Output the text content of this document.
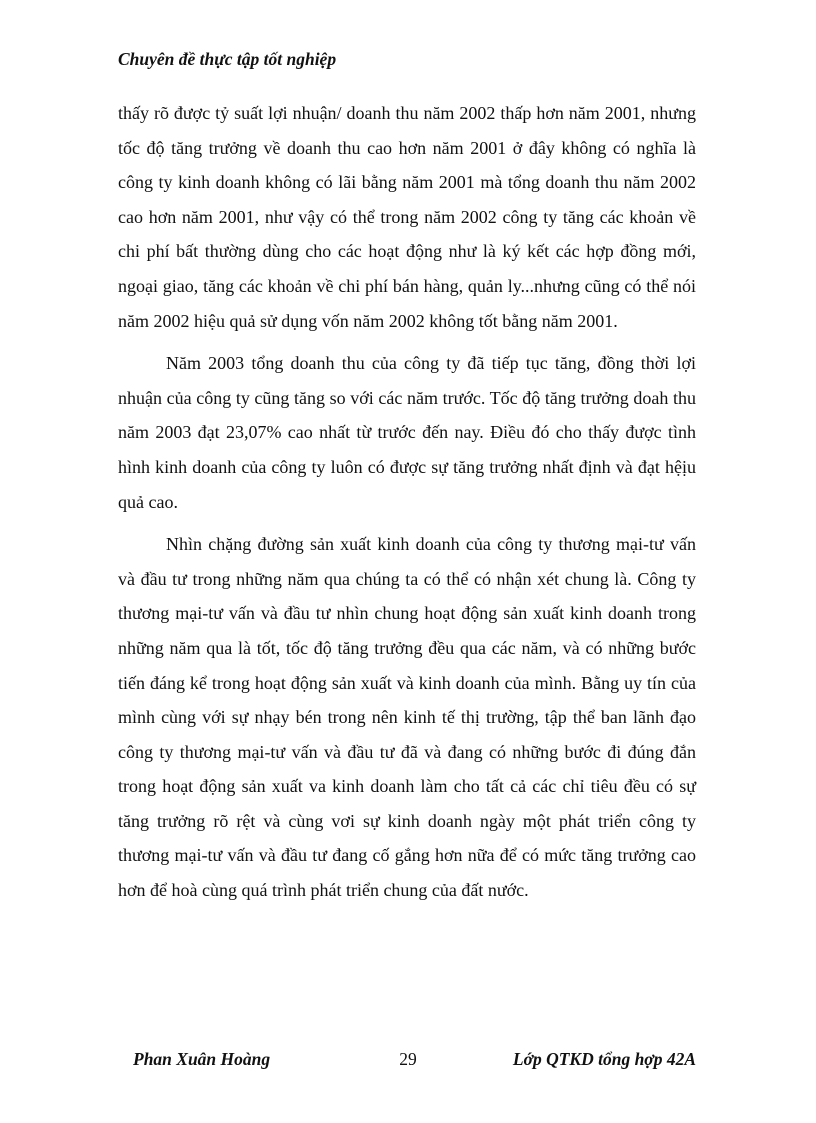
Chuyên đề thực tập tốt nghiệp

thấy rõ được tỷ suất lợi nhuận/ doanh thu năm 2002 thấp hơn năm 2001, nhưng tốc độ tăng trưởng về doanh thu cao hơn năm 2001 ở đây không có nghĩa là công ty kinh doanh không có lãi bằng năm 2001 mà tổng doanh thu năm 2002 cao hơn năm 2001, như vậy có thể trong năm 2002 công ty tăng các khoản về chi phí bất thường dùng cho các hoạt động như là ký kết các hợp đồng mới, ngoại giao, tăng các khoản về chi phí bán hàng, quản ly...nhưng cũng có thể nói năm 2002 hiệu quả sử dụng vốn năm 2002 không tốt bằng năm 2001.

Năm 2003 tổng doanh thu của công ty đã tiếp tục tăng, đồng thời lợi nhuận của công ty cũng tăng so với các năm trước. Tốc độ tăng trưởng doah thu năm 2003 đạt 23,07% cao nhất từ trước đến nay. Điều đó cho thấy được tình hình kinh doanh của công ty luôn có được sự tăng trưởng nhất định và đạt hệịu quả cao.

Nhìn chặng đường sản xuất kinh doanh của công ty thương mại-tư vấn và đầu tư trong những năm qua chúng ta có thể có nhận xét chung là. Công ty thương mại-tư vấn và đầu tư nhìn chung hoạt động sản xuất kinh doanh trong những năm qua là tốt, tốc độ tăng trưởng đều qua các năm, và có những bước tiến đáng kể trong hoạt động sản xuất và kinh doanh của mình. Bằng uy tín của mình cùng với sự nhạy bén trong nên kinh tế thị trường, tập thể ban lãnh đạo công ty thương mại-tư vấn và đầu tư đã và đang có những bước đi đúng đắn trong hoạt động sản xuất va kinh doanh làm cho tất cả các chỉ tiêu đều có sự tăng trưởng rõ rệt và cùng vơi sự kinh doanh ngày một phát triển công ty thương mại-tư vấn và đầu tư đang cố gắng hơn nữa để có mức tăng trưởng cao hơn để hoà cùng quá trình phát triển chung của đất nước.

Phan Xuân Hoàng	29	Lớp QTKD tổng hợp 42A
